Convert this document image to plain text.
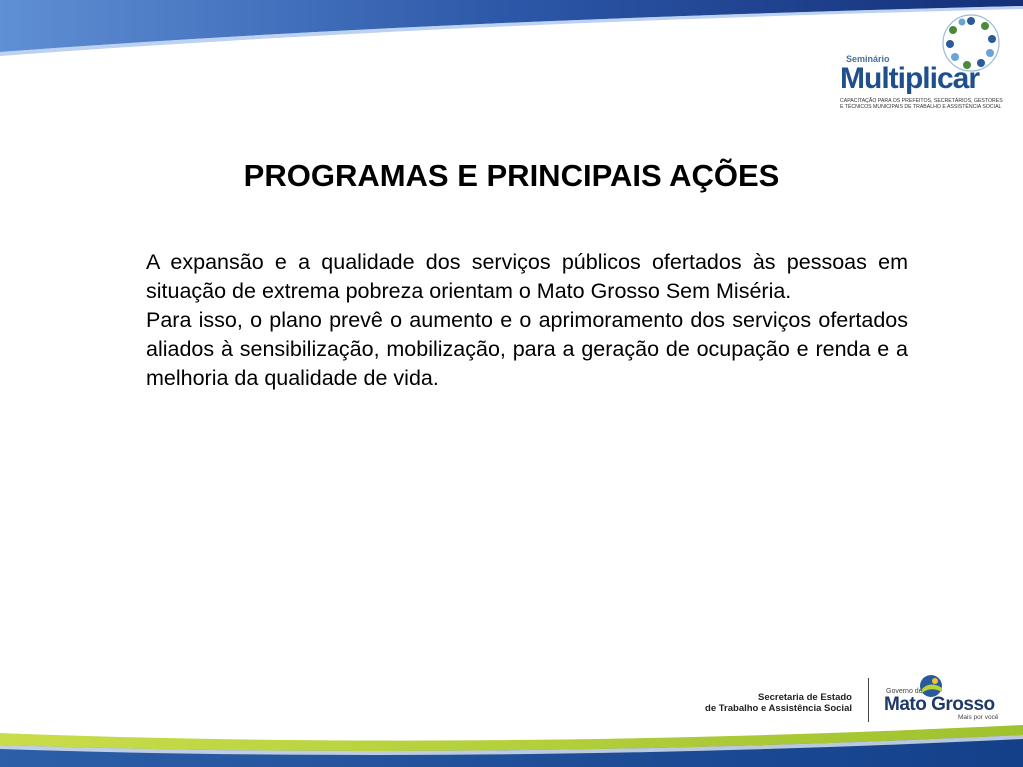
Seminário
Multiplicar
CAPACITAÇÃO PARA OS PREFEITOS, SECRETÁRIOS, GESTORES
E TÉCNICOS MUNICIPAIS DE TRABALHO E ASSISTÊNCIA SOCIAL
PROGRAMAS E PRINCIPAIS AÇÕES

A expansão e a qualidade dos serviços públicos ofertados às pessoas em situação de extrema pobreza orientam o Mato Grosso Sem Miséria.

Para isso, o plano prevê o aumento e o aprimoramento dos serviços ofertados aliados à sensibilização, mobilização, para a geração de ocupação e renda e a melhoria da qualidade de vida.

Secretaria de Estado
de Trabalho e Assistência Social
Governo de
Mato Grosso
Mais por você
